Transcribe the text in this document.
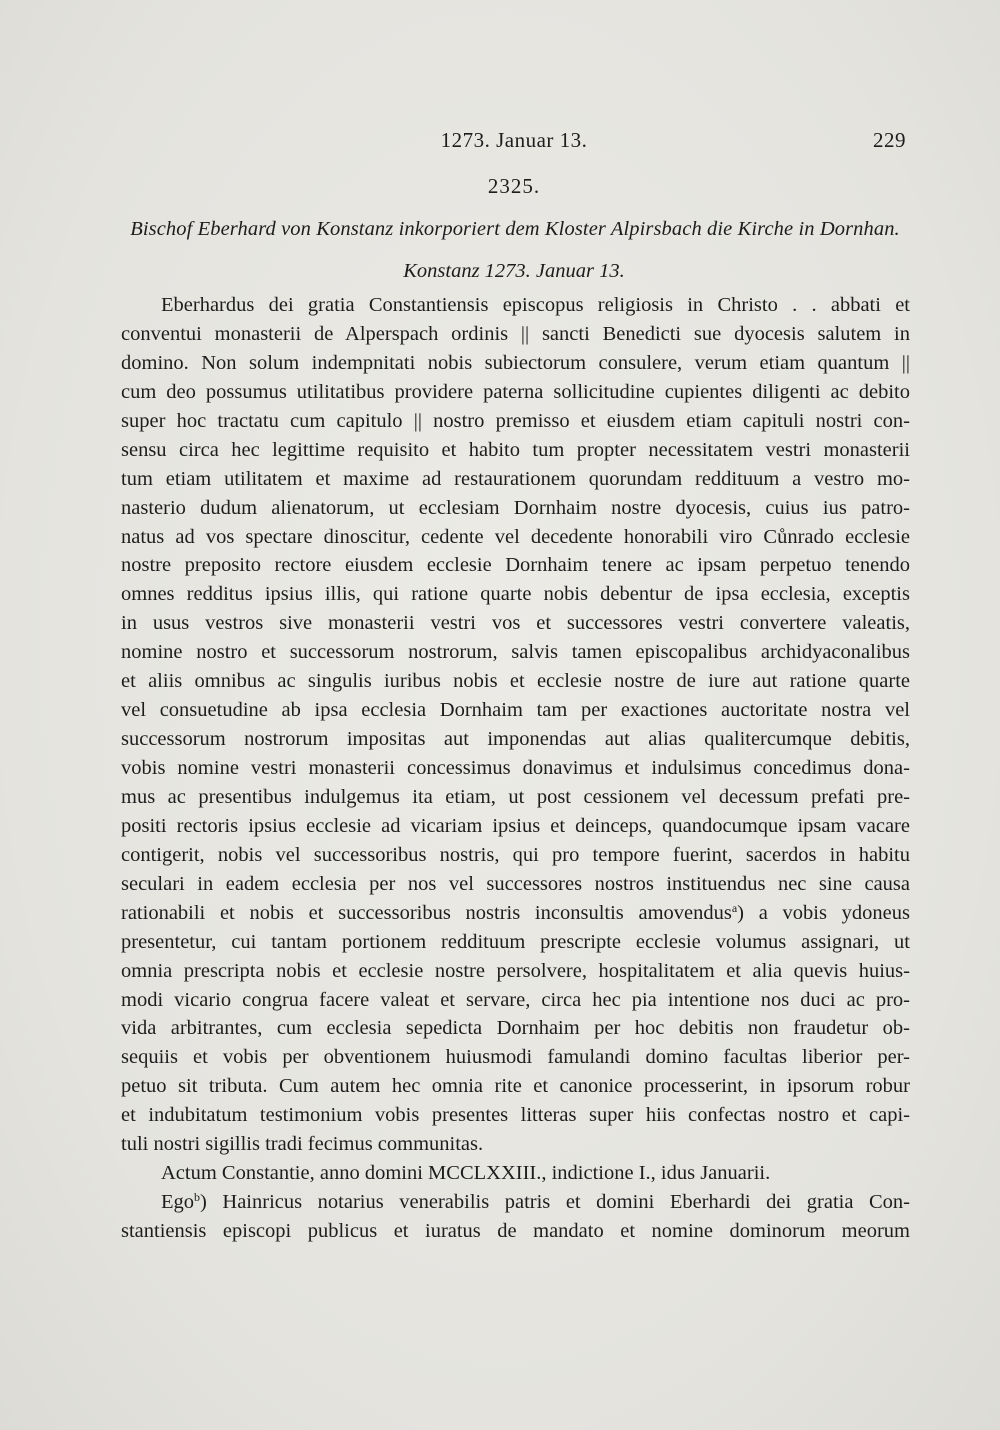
1273. Januar 13.	229
2325.
Bischof Eberhard von Konstanz inkorporiert dem Kloster Alpirsbach die Kirche in Dornhan.
Konstanz 1273. Januar 13.
Eberhardus dei gratia Constantiensis episcopus religiosis in Christo . . abbati et
conventui monasterii de Alperspach ordinis || sancti Benedicti sue dyocesis salutem in
domino. Non solum indempnitati nobis subiectorum consulere, verum etiam quantum ||
cum deo possumus utilitatibus providere paterna sollicitudine cupientes diligenti ac debito
super hoc tractatu cum capitulo || nostro premisso et eiusdem etiam capituli nostri con-
sensu circa hec legittime requisito et habito tum propter necessitatem vestri monasterii
tum etiam utilitatem et maxime ad restaurationem quorundam reddituum a vestro mo-
nasterio dudum alienatorum, ut ecclesiam Dornhaim nostre dyocesis, cuius ius patro-
natus ad vos spectare dinoscitur, cedente vel decedente honorabili viro Cůnrado ecclesie
nostre preposito rectore eiusdem ecclesie Dornhaim tenere ac ipsam perpetuo tenendo
omnes redditus ipsius illis, qui ratione quarte nobis debentur de ipsa ecclesia, exceptis
in usus vestros sive monasterii vestri vos et successores vestri convertere valeatis,
nomine nostro et successorum nostrorum, salvis tamen episcopalibus archidyaconalibus
et aliis omnibus ac singulis iuribus nobis et ecclesie nostre de iure aut ratione quarte
vel consuetudine ab ipsa ecclesia Dornhaim tam per exactiones auctoritate nostra vel
successorum nostrorum impositas aut imponendas aut alias qualitercumque debitis,
vobis nomine vestri monasterii concessimus donavimus et indulsimus concedimus dona-
mus ac presentibus indulgemus ita etiam, ut post cessionem vel decessum prefati pre-
positi rectoris ipsius ecclesie ad vicariam ipsius et deinceps, quandocumque ipsam vacare
contigerit, nobis vel successoribus nostris, qui pro tempore fuerint, sacerdos in habitu
seculari in eadem ecclesia per nos vel successores nostros instituendus nec sine causa
rationabili et nobis et successoribus nostris inconsultis amovendus$^a$) a vobis ydoneus
presentetur, cui tantam portionem reddituum prescripte ecclesie volumus assignari, ut
omnia prescripta nobis et ecclesie nostre persolvere, hospitalitatem et alia quevis huius-
modi vicario congrua facere valeat et servare, circa hec pia intentione nos duci ac pro-
vida arbitrantes, cum ecclesia sepedicta Dornhaim per hoc debitis non fraudetur ob-
sequiis et vobis per obventionem huiusmodi famulandi domino facultas liberior per-
petuo sit tributa. Cum autem hec omnia rite et canonice processerint, in ipsorum robur
et indubitatum testimonium vobis presentes litteras super hiis confectas nostro et capi-
tuli nostri sigillis tradi fecimus communitas.
Actum Constantie, anno domini MCCLXXIII., indictione I., idus Januarii.
Ego$^b$) Hainricus notarius venerabilis patris et domini Eberhardi dei gratia Con-
stantiensis episcopi publicus et iuratus de mandato et nomine dominorum meorum
